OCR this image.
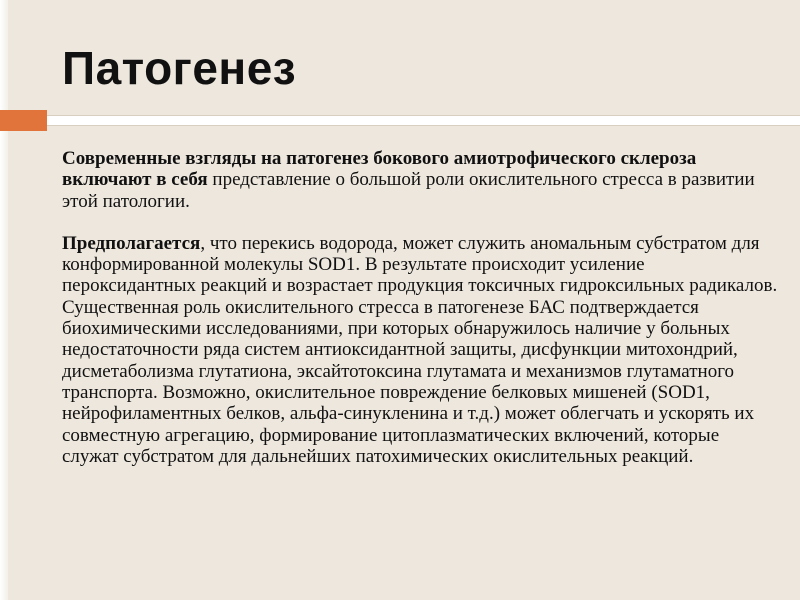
Патогенез

Современные взгляды на патогенез бокового амиотрофического склероза включают в себя представление о большой роли окислительного стресса в развитии этой патологии.

Предполагается, что перекись водорода, может служить аномальным субстратом для конформированной молекулы SOD1. В результате происходит усиление пероксидантных реакций и возрастает продукция токсичных гидроксильных радикалов. Существенная роль окислительного стресса в патогенезе БАС подтверждается биохимическими исследованиями, при которых обнаружилось наличие у больных недостаточности ряда систем антиоксидантной защиты, дисфункции митохондрий, дисметаболизма глутатиона, эксайтотоксина глутамата и механизмов глутаматного транспорта. Возможно, окислительное повреждение белковых мишеней (SOD1, нейрофиламентных белков, альфа-синукленина и т.д.) может облегчать и ускорять их совместную агрегацию, формирование цитоплазматических включений, которые служат субстратом для дальнейших патохимических окислительных реакций.
